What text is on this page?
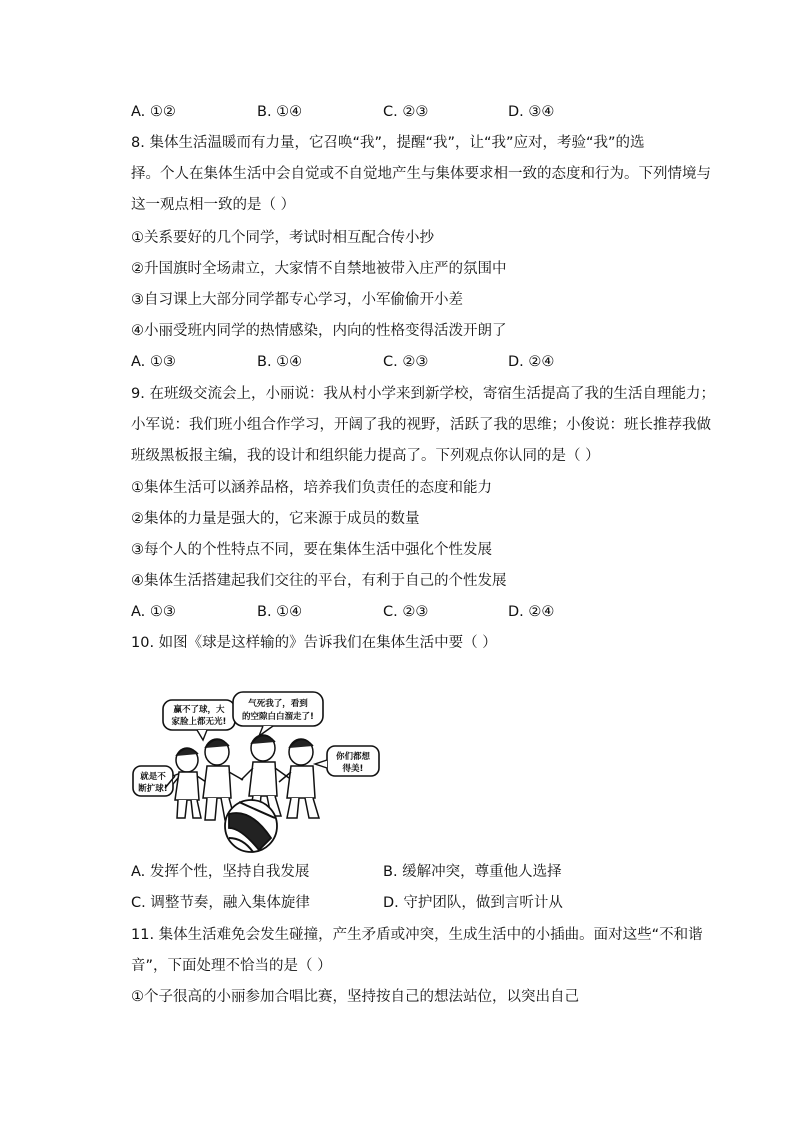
A. ①②	B. ①④	C. ②③	D. ③④
8. 集体生活温暖而有力量，它召唤“我”，提醒“我”，让“我”应对，考验“我”的选
择。个人在集体生活中会自觉或不自觉地产生与集体要求相一致的态度和行为。下列情境与
这一观点相一致的是（ ）
①关系要好的几个同学，考试时相互配合传小抄
②升国旗时全场肃立，大家情不自禁地被带入庄严的氛围中
③自习课上大部分同学都专心学习，小军偷偷开小差
④小丽受班内同学的热情感染，内向的性格变得活泼开朗了
A. ①③	B. ①④	C. ②③	D. ②④
9. 在班级交流会上，小丽说：我从村小学来到新学校，寄宿生活提高了我的生活自理能力；
小军说：我们班小组合作学习，开阔了我的视野，活跃了我的思维；小俊说：班长推荐我做
班级黑板报主编，我的设计和组织能力提高了。下列观点你认同的是（ ）
①集体生活可以涵养品格，培养我们负责任的态度和能力
②集体的力量是强大的，它来源于成员的数量
③每个人的个性特点不同，要在集体生活中强化个性发展
④集体生活搭建起我们交往的平台，有利于自己的个性发展
A. ①③	B. ①④	C. ②③	D. ②④
10. 如图《球是这样输的》告诉我们在集体生活中要（ ）
赢不了球，大
家脸上都无光!
气死我了，看到
的空隙白白溜走了!
就是不
断扩球!
你们都想
得美!
A. 发挥个性，坚持自我发展	B. 缓解冲突，尊重他人选择
C. 调整节奏，融入集体旋律	D. 守护团队，做到言听计从
11. 集体生活难免会发生碰撞，产生矛盾或冲突，生成生活中的小插曲。面对这些“不和谐
音”，下面处理不恰当的是（ ）
①个子很高的小丽参加合唱比赛，坚持按自己的想法站位，以突出自己
